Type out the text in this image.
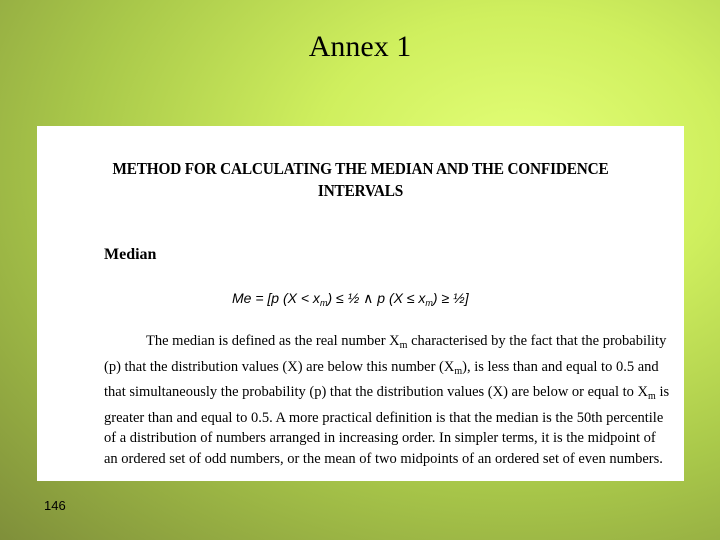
Annex 1
METHOD FOR CALCULATING THE MEDIAN AND THE CONFIDENCE
INTERVALS
Median
Me = [p $(X < x_m)$ ≤ ½ ∧ p $(X \le x_m)$ ≥ ½]
The median is defined as the real number $X_m$ characterised by the fact that the probability
(p) that the distribution values (X) are below this number $(X_m)$, is less than and equal to 0.5 and
that simultaneously the probability (p) that the distribution values (X) are below or equal to $X_m$ is
greater than and equal to 0.5. A more practical definition is that the median is the 50th percentile
of a distribution of numbers arranged in increasing order. In simpler terms, it is the midpoint of
an ordered set of odd numbers, or the mean of two midpoints of an ordered set of even numbers.
146
